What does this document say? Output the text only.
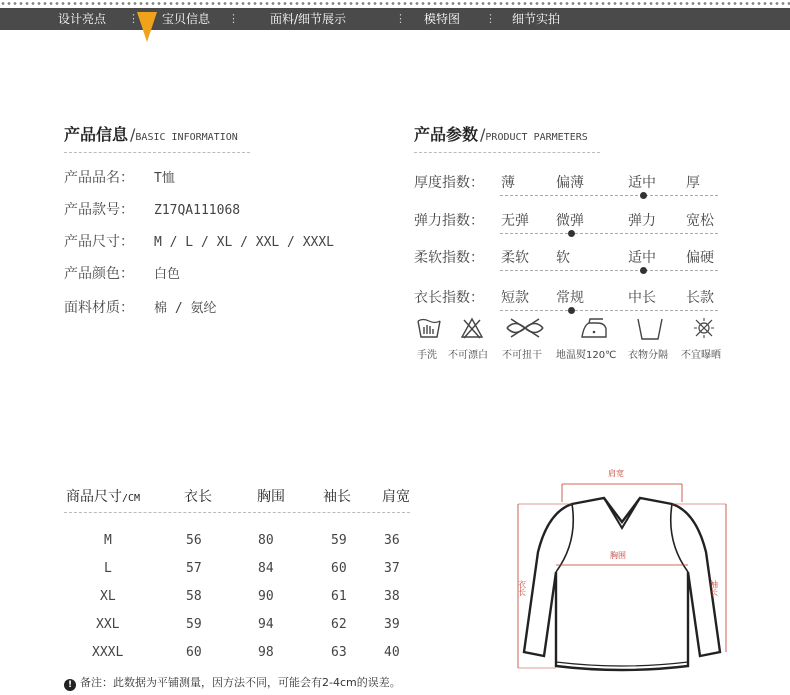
设计亮点 ⋮ 宝贝信息 ⋮	面料/细节展示	⋮ 模特图 ⋮ 细节实拍
产品信息 /BASIC INFORMATION
产品品名： T恤
产品款号： Z17QA111068
产品尺寸： M / L / XL / XXL / XXXL
产品颜色： 白色
面料材质： 棉 / 氨纶
产品参数 /PRODUCT PARMETERS
厚度指数： 薄	偏薄	适中 厚
弹力指数： 无弹 微弹	弹力 宽松
柔软指数： 柔软 软	适中 偏硬
衣长指数： 短款 常规	中长 长款
手洗 不可漂白 不可扭干 地温熨120℃ 衣物分隔 不宜曝晒
商品尺寸/CM	衣长	胸围	袖长 肩宽
M	56	80	59	36
L	57	84	60	37
XL	58	90	61	38
XXL	59	94	62	39
XXXL	60	98	63	40
肩宽
胸围
衣长	袖长
! 备注：此数据为平铺测量，因方法不同，可能会有2-4cm的误差。
